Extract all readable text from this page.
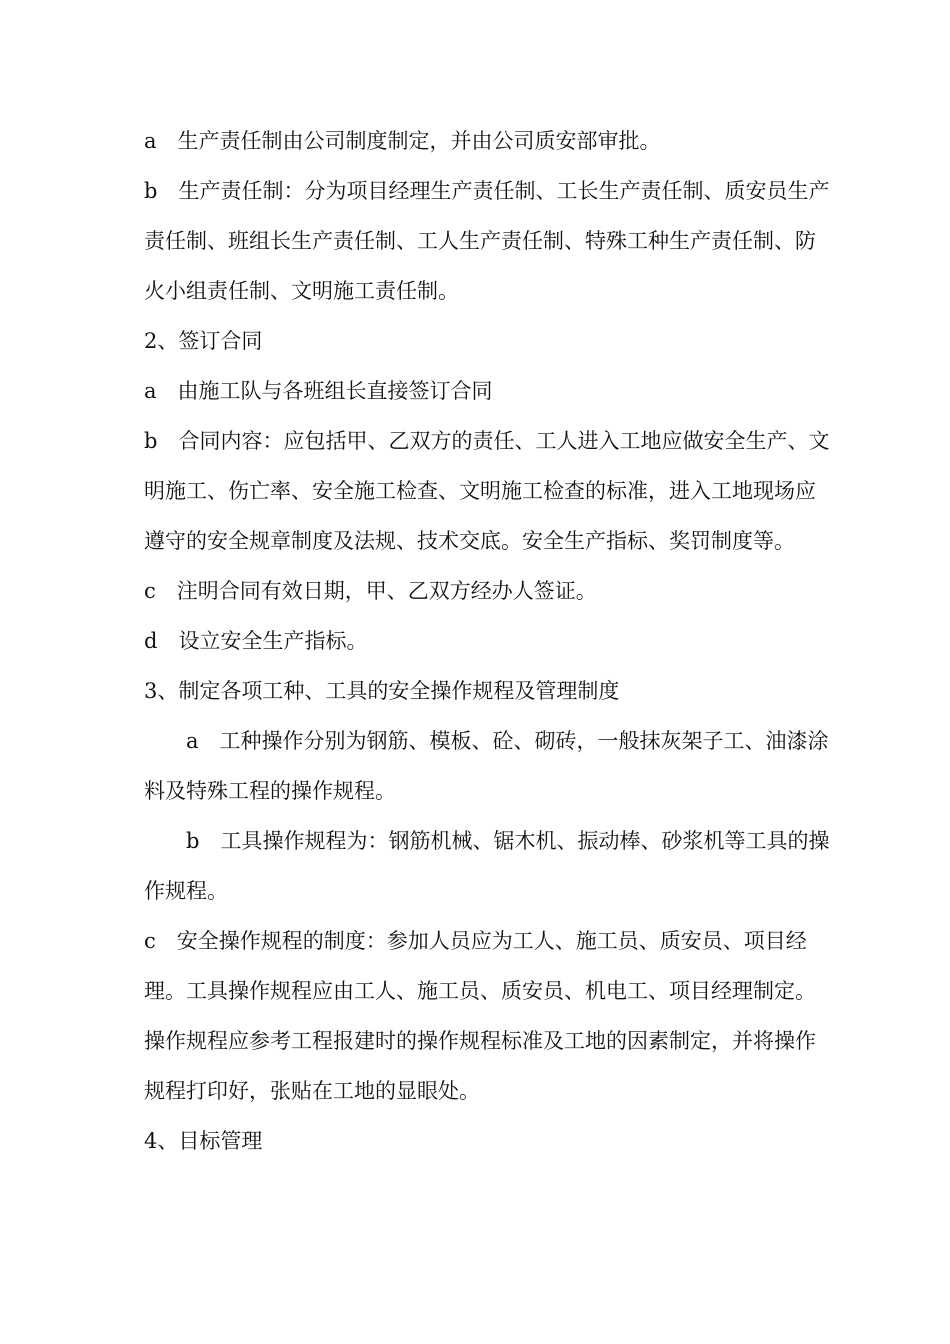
a　生产责任制由公司制度制定，并由公司质安部审批。

b　生产责任制：分为项目经理生产责任制、工长生产责任制、质安员生产责任制、班组长生产责任制、工人生产责任制、特殊工种生产责任制、防火小组责任制、文明施工责任制。

2、签订合同

a　由施工队与各班组长直接签订合同

b　合同内容：应包括甲、乙双方的责任、工人进入工地应做安全生产、文明施工、伤亡率、安全施工检查、文明施工检查的标准，进入工地现场应遵守的安全规章制度及法规、技术交底。安全生产指标、奖罚制度等。

c　注明合同有效日期，甲、乙双方经办人签证。

d　设立安全生产指标。

3、制定各项工种、工具的安全操作规程及管理制度

a　工种操作分别为钢筋、模板、砼、砌砖，一般抹灰架子工、油漆涂料及特殊工程的操作规程。

b　工具操作规程为：钢筋机械、锯木机、振动棒、砂浆机等工具的操作规程。

c　安全操作规程的制度：参加人员应为工人、施工员、质安员、项目经理。工具操作规程应由工人、施工员、质安员、机电工、项目经理制定。操作规程应参考工程报建时的操作规程标准及工地的因素制定，并将操作规程打印好，张贴在工地的显眼处。

4、目标管理
